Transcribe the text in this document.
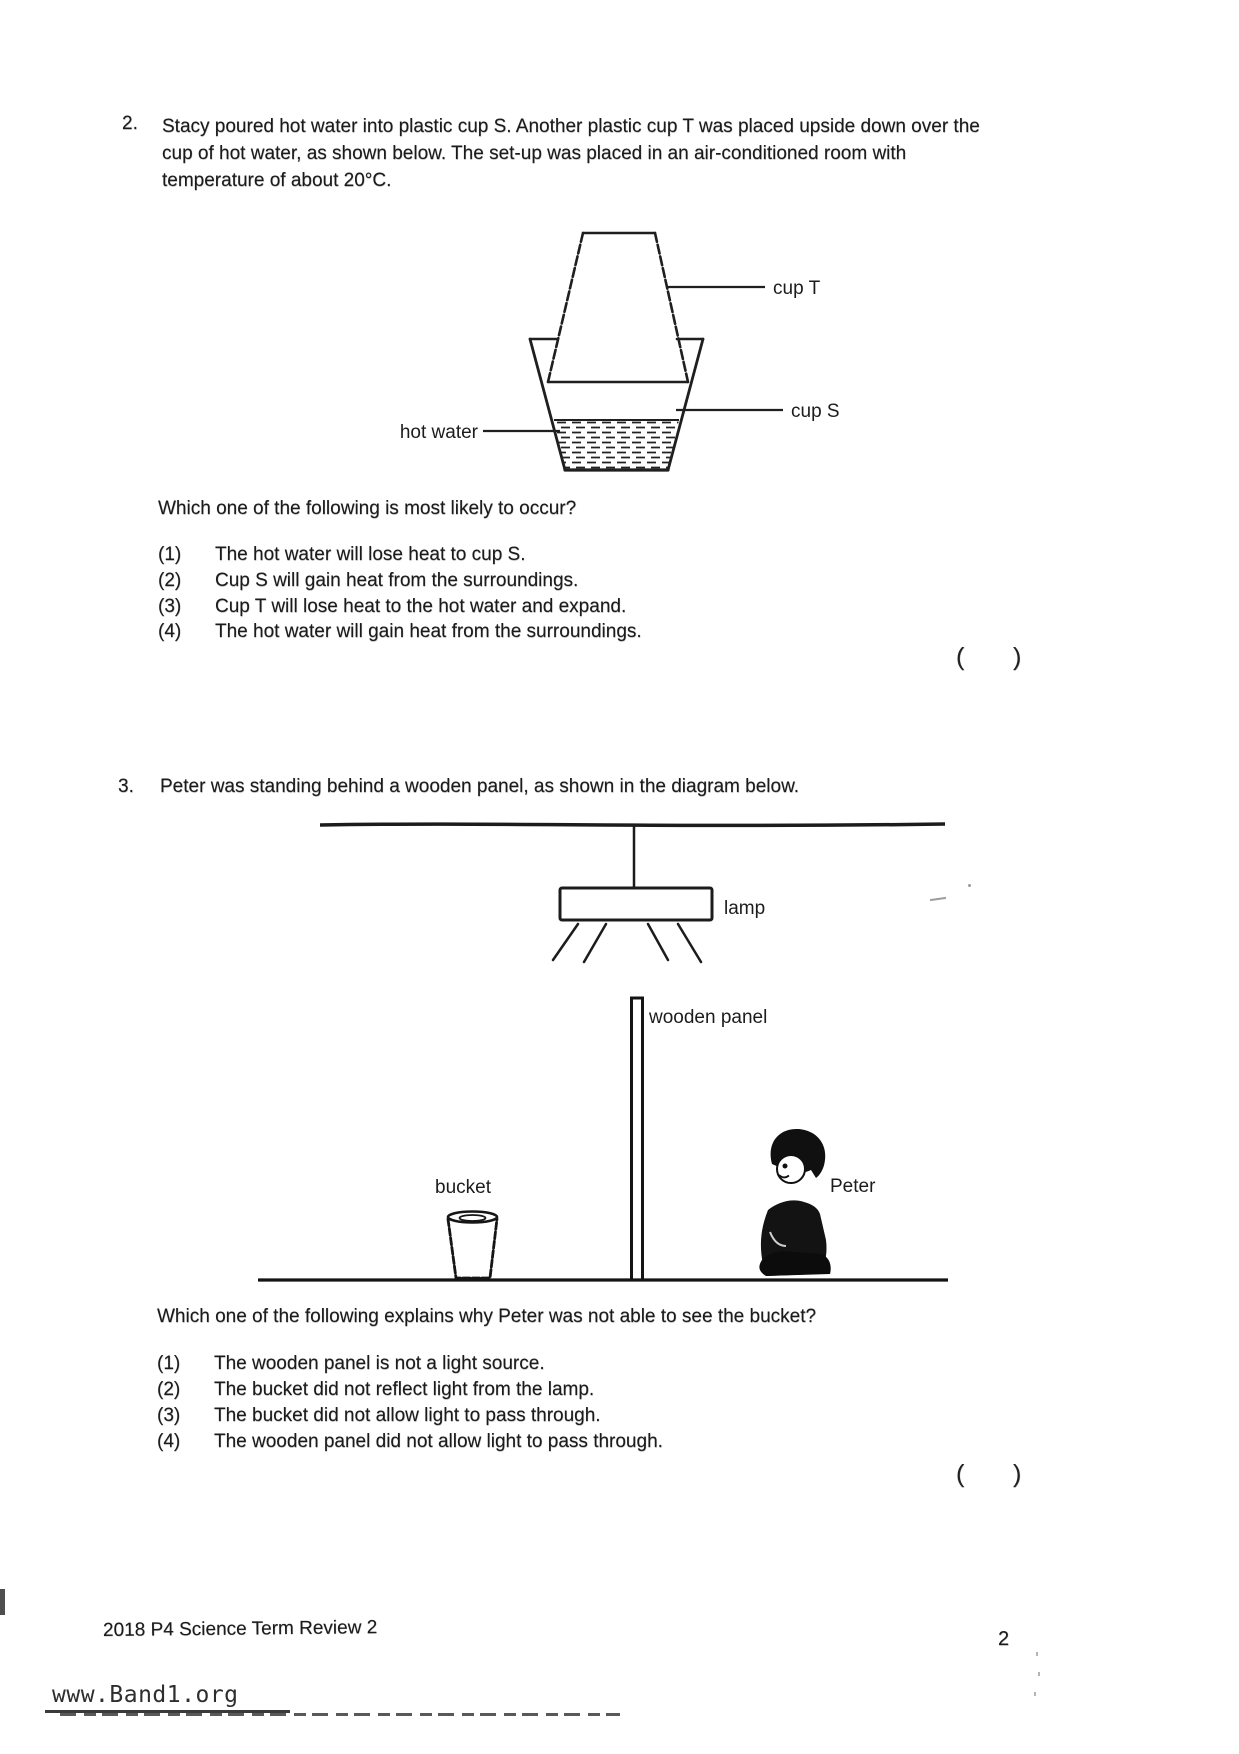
2. Stacy poured hot water into plastic cup S. Another plastic cup T was placed upside down over the
cup of hot water, as shown below. The set-up was placed in an air-conditioned room with
temperature of about 20°C.
cup T
cup S
hot water
Which one of the following is most likely to occur?
(1)	The hot water will lose heat to cup S.
(2)	Cup S will gain heat from the surroundings.
(3)	Cup T will lose heat to the hot water and expand.
(4)	The hot water will gain heat from the surroundings.
(      )
3. Peter was standing behind a wooden panel, as shown in the diagram below.
lamp
wooden panel
bucket	Peter
Which one of the following explains why Peter was not able to see the bucket?
(1)	The wooden panel is not a light source.
(2)	The bucket did not reflect light from the lamp.
(3)	The bucket did not allow light to pass through.
(4)	The wooden panel did not allow light to pass through.
(      )
2018 P4 Science Term Review 2	2
www.Band1.org
